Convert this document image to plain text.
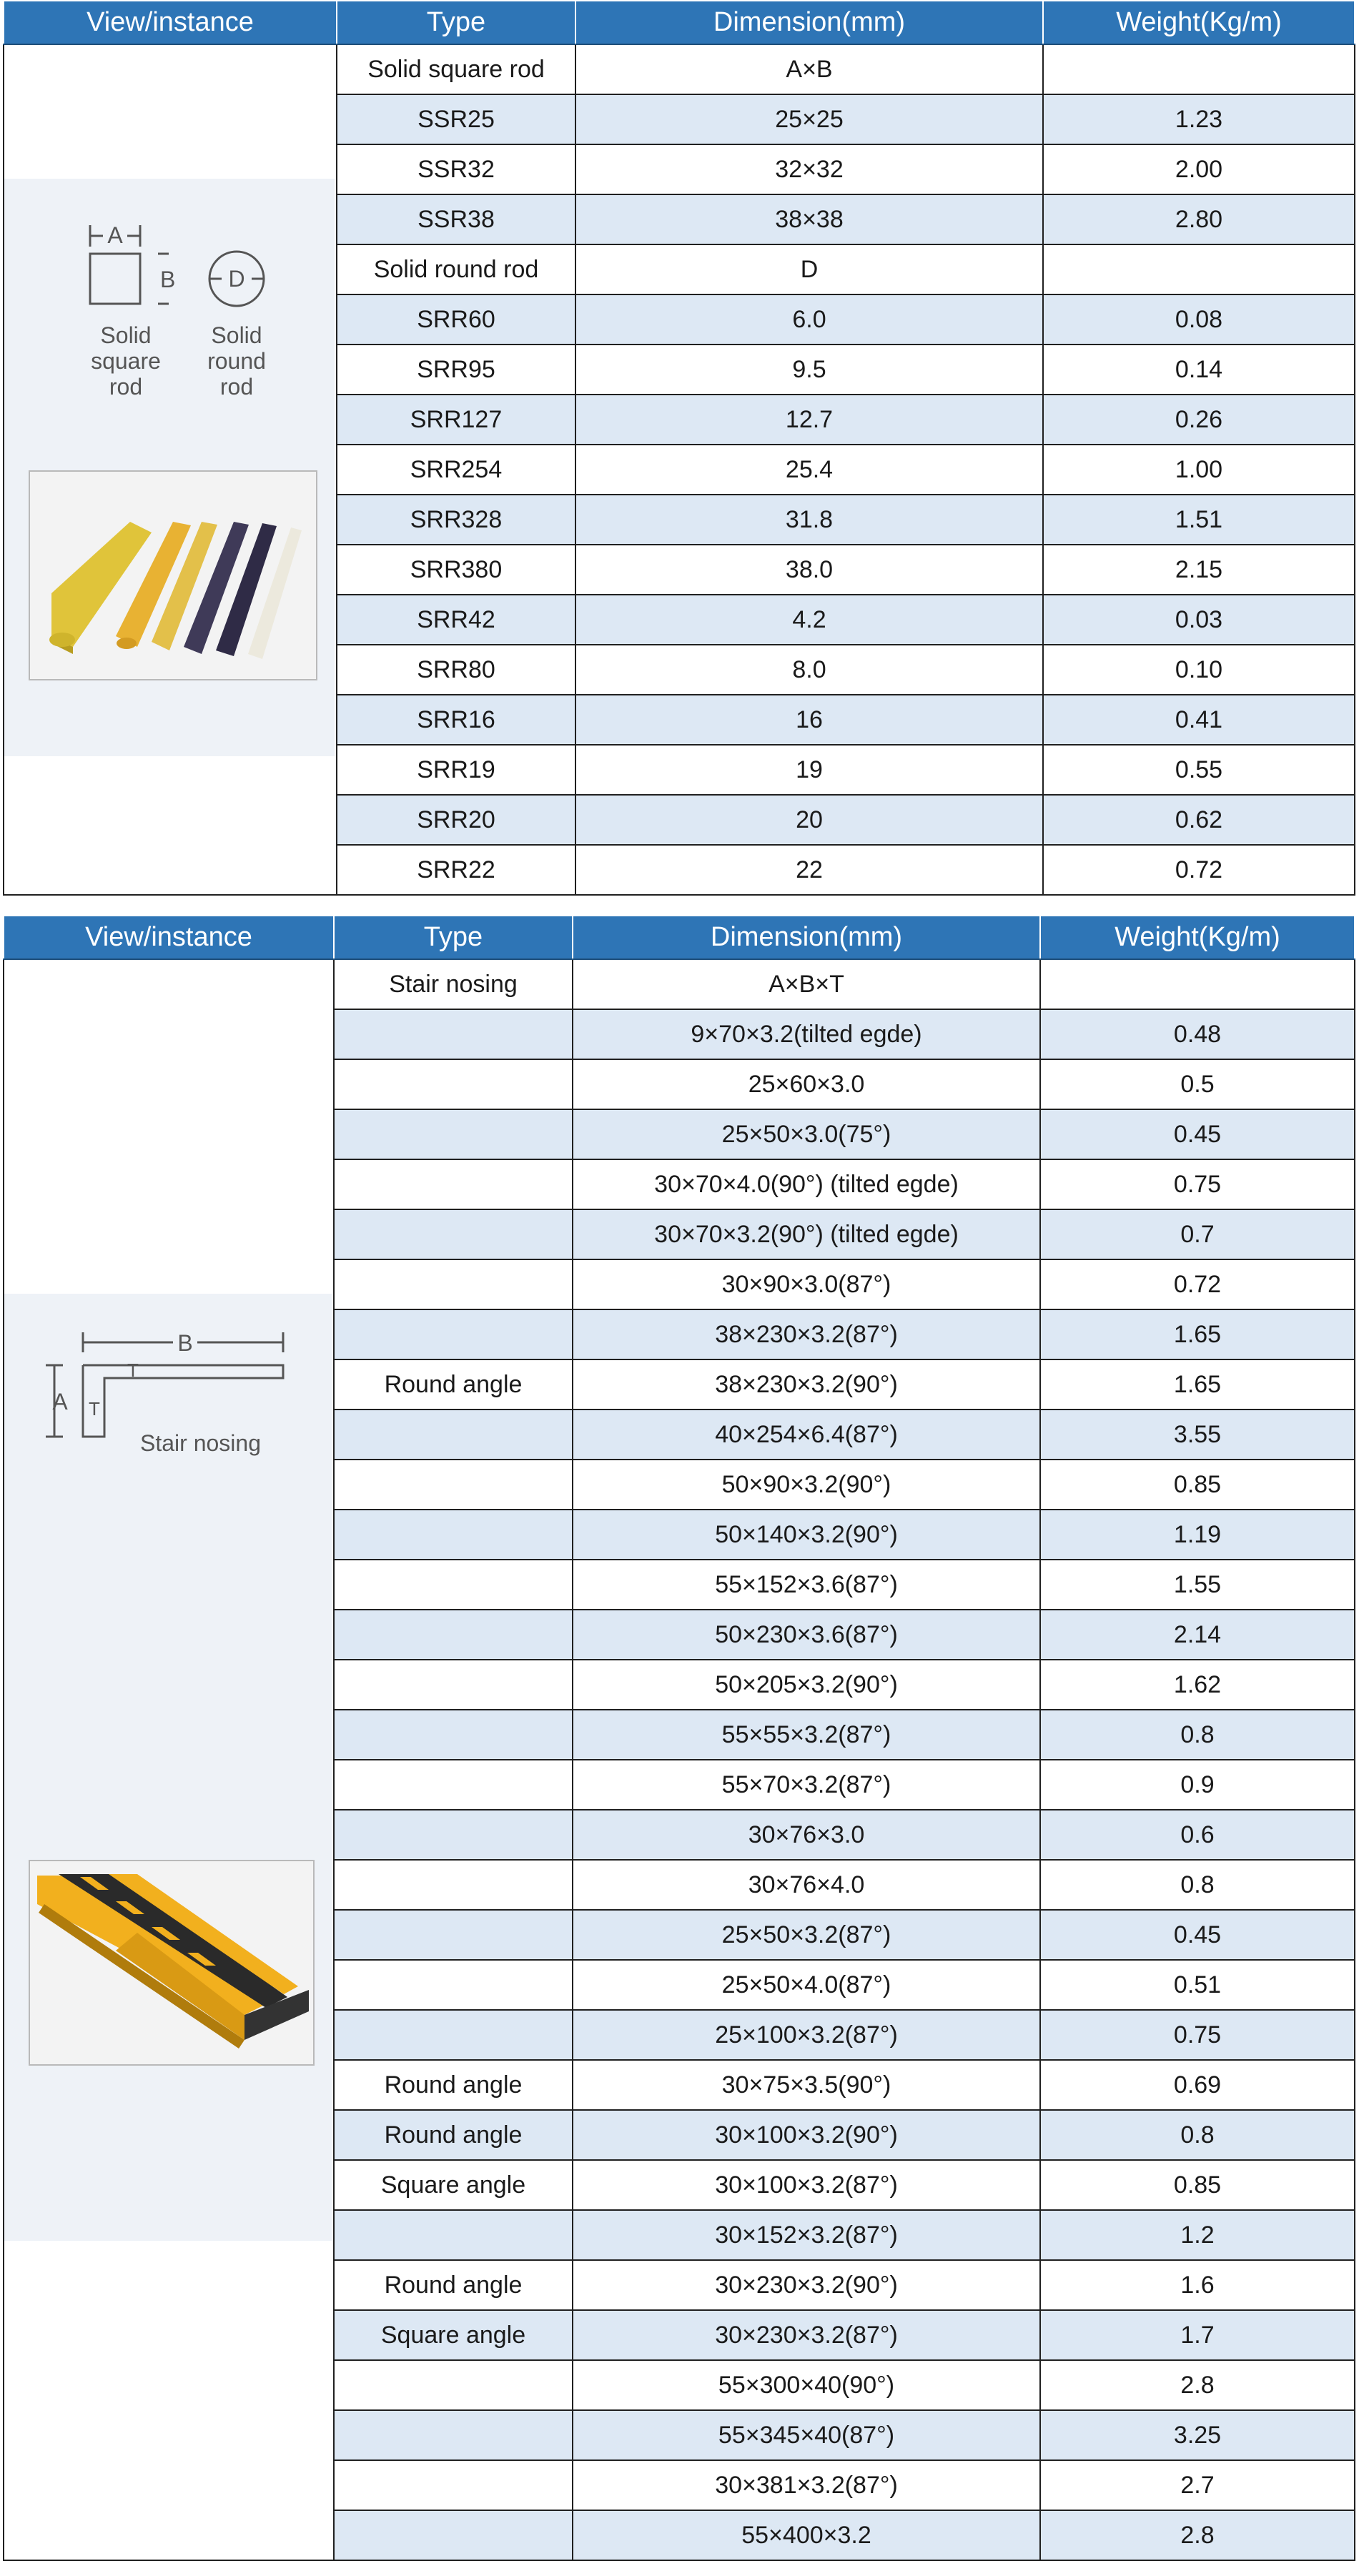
View/instance	Type	Dimension(mm)	Weight(Kg/m)
	Solid square rod	A×B	
	SSR25	25×25	1.23
	SSR32	32×32	2.00
	SSR38	38×38	2.80
	Solid round rod	D	
	SRR60	6.0	0.08
	SRR95	9.5	0.14
	SRR127	12.7	0.26
	SRR254	25.4	1.00
	SRR328	31.8	1.51
	SRR380	38.0	2.15
	SRR42	4.2	0.03
	SRR80	8.0	0.10
	SRR16	16	0.41
	SRR19	19	0.55
	SRR20	20	0.62
	SRR22	22	0.72
A
B
Solid square rod
D
Solid round rod
View/instance	Type	Dimension(mm)	Weight(Kg/m)
	Stair nosing	A×B×T	
		9×70×3.2(tilted egde)	0.48
		25×60×3.0	0.5
		25×50×3.0(75°)	0.45
		30×70×4.0(90°) (tilted egde)	0.75
		30×70×3.2(90°) (tilted egde)	0.7
		30×90×3.0(87°)	0.72
		38×230×3.2(87°)	1.65
	Round angle	38×230×3.2(90°)	1.65
		40×254×6.4(87°)	3.55
		50×90×3.2(90°)	0.85
		50×140×3.2(90°)	1.19
		55×152×3.6(87°)	1.55
		50×230×3.6(87°)	2.14
		50×205×3.2(90°)	1.62
		55×55×3.2(87°)	0.8
		55×70×3.2(87°)	0.9
		30×76×3.0	0.6
		30×76×4.0	0.8
		25×50×3.2(87°)	0.45
		25×50×4.0(87°)	0.51
		25×100×3.2(87°)	0.75
	Round angle	30×75×3.5(90°)	0.69
	Round angle	30×100×3.2(90°)	0.8
	Square angle	30×100×3.2(87°)	0.85
		30×152×3.2(87°)	1.2
	Round angle	30×230×3.2(90°)	1.6
	Square angle	30×230×3.2(87°)	1.7
		55×300×40(90°)	2.8
		55×345×40(87°)	3.25
		30×381×3.2(87°)	2.7
		55×400×3.2	2.8
B
A T
T
Stair nosing
